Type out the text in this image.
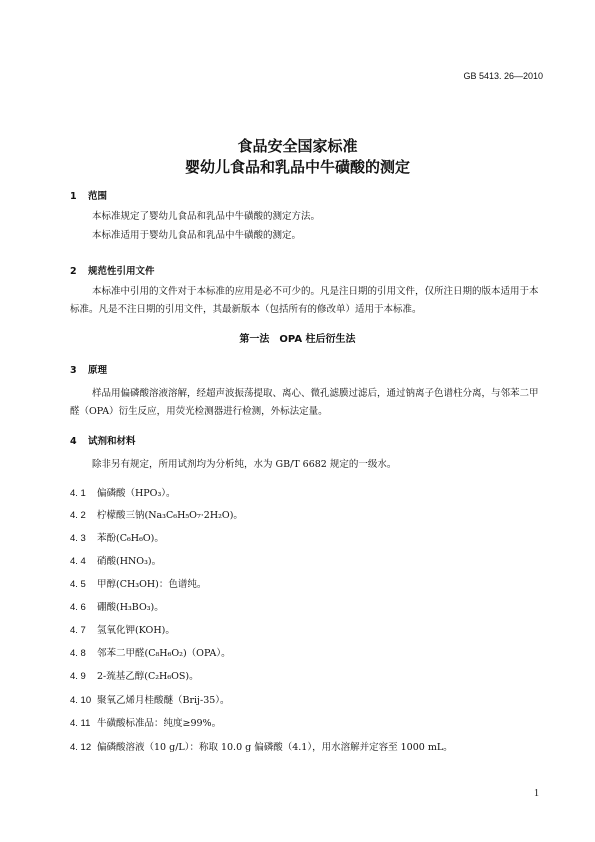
GB 5413. 26—2010
食品安全国家标准
婴幼儿食品和乳品中牛磺酸的测定
1 范围
本标准规定了婴幼儿食品和乳品中牛磺酸的测定方法。
本标准适用于婴幼儿食品和乳品中牛磺酸的测定。
2 规范性引用文件
本标准中引用的文件对于本标准的应用是必不可少的。凡是注日期的引用文件，仅所注日期的版本适用于本标准。凡是不注日期的引用文件，其最新版本（包括所有的修改单）适用于本标准。
第一法　OPA 柱后衍生法
3 原理
样品用偏磷酸溶液溶解，经超声波振荡提取、离心、微孔滤膜过滤后，通过钠离子色谱柱分离，与邻苯二甲醛（OPA）衍生反应，用荧光检测器进行检测，外标法定量。
4 试剂和材料
除非另有规定，所用试剂均为分析纯，水为 GB/T 6682 规定的一级水。
4. 1 偏磷酸（HPO₃）。
4. 2 柠檬酸三钠(Na₃C₆H₅O₇·2H₂O)。
4. 3 苯酚(C₆H₆O)。
4. 4 硝酸(HNO₃)。
4. 5 甲醇(CH₃OH)：色谱纯。
4. 6 硼酸(H₃BO₃)。
4. 7 氢氧化钾(KOH)。
4. 8 邻苯二甲醛(C₈H₆O₂)（OPA）。
4. 9 2-巯基乙醇(C₂H₆OS)。
4. 10 聚氧乙烯月桂酸醚（Brij-35）。
4. 11 牛磺酸标准品：纯度≥99%。
4. 12 偏磷酸溶液（10 g/L）：称取 10.0 g 偏磷酸（4.1），用水溶解并定容至 1000 mL。
1
